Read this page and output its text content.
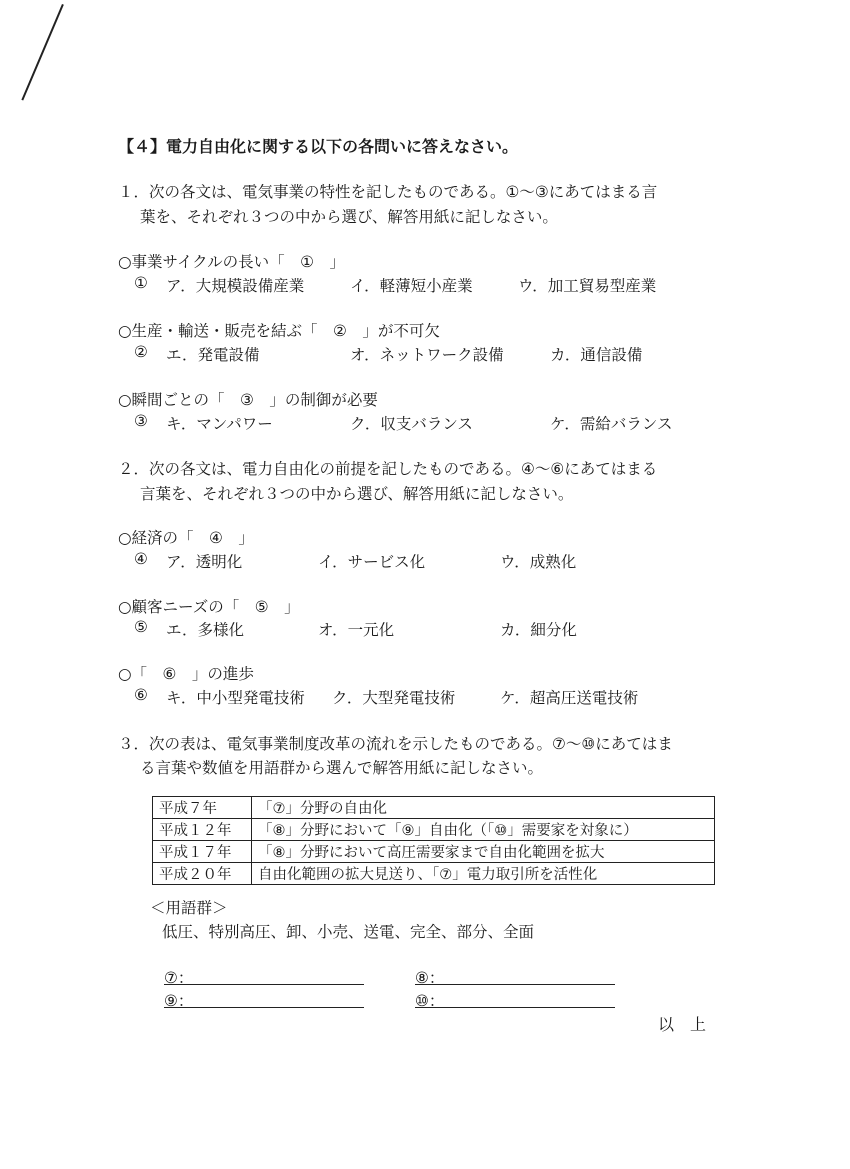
【４】電力自由化に関する以下の各問いに答えなさい。
１．次の各文は、電気事業の特性を記したものである。①～③にあてはまる言
葉を、それぞれ３つの中から選び、解答用紙に記しなさい。
○事業サイクルの長い「　①　」
① ア．大規模設備産業	イ．軽薄短小産業	ウ．加工貿易型産業
○生産・輸送・販売を結ぶ「　②　」が不可欠
② エ．発電設備	オ．ネットワーク設備	カ．通信設備
○瞬間ごとの「　③　」の制御が必要
③ キ．マンパワー	ク．収支バランス	ケ．需給バランス
２．次の各文は、電力自由化の前提を記したものである。④～⑥にあてはまる
言葉を、それぞれ３つの中から選び、解答用紙に記しなさい。
○経済の「　④　」
④ ア．透明化	イ．サービス化	ウ．成熟化
○顧客ニーズの「　⑤　」
⑤ エ．多様化	オ．一元化	カ．細分化
○「　⑥　」の進歩
⑥ キ．中小型発電技術 ク．大型発電技術	ケ．超高圧送電技術
３．次の表は、電気事業制度改革の流れを示したものである。⑦～⑩にあてはま
る言葉や数値を用語群から選んで解答用紙に記しなさい。
平成７年	「⑦」分野の自由化
平成１２年	「⑧」分野において「⑨」自由化（「⑩」需要家を対象に）
平成１７年	「⑧」分野において高圧需要家まで自由化範囲を拡大
平成２０年	自由化範囲の拡大見送り、「⑦」電力取引所を活性化
＜用語群＞
低圧、特別高圧、卸、小売、送電、完全、部分、全面
⑦：	⑧：
⑨：	⑩：
以　上
